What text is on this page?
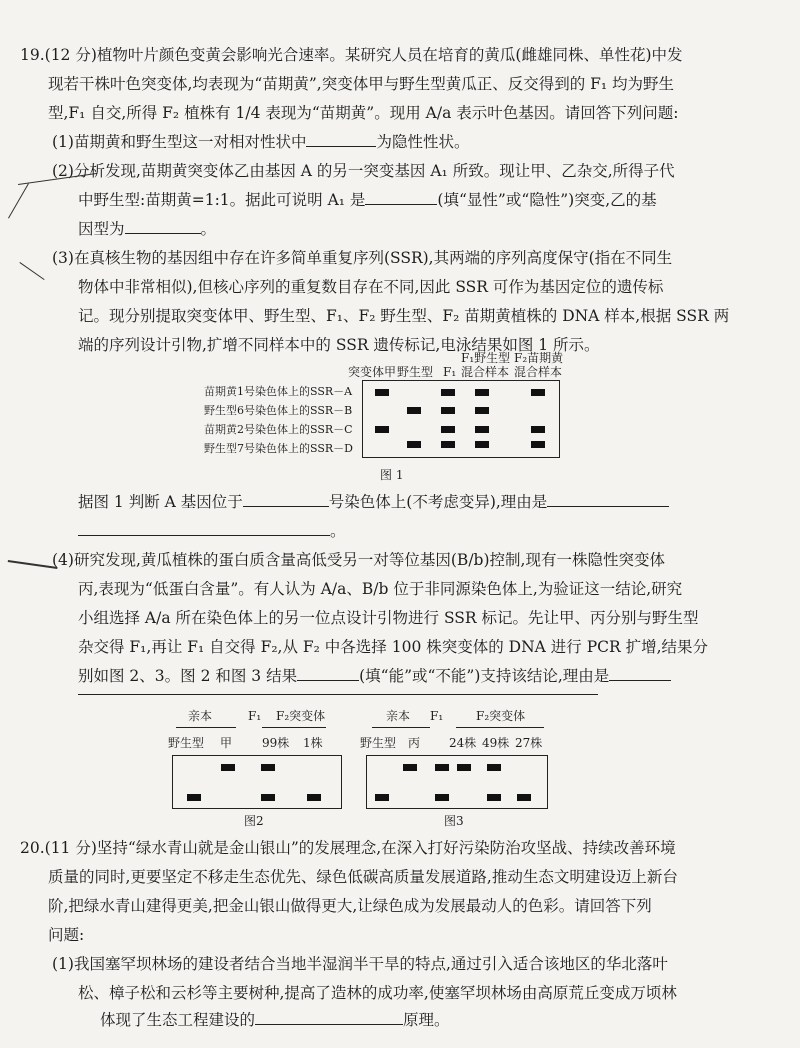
19.(12 分)植物叶片颜色变黄会影响光合速率。某研究人员在培育的黄瓜(雌雄同株、单性花)中发
现若干株叶色突变体,均表现为“苗期黄”,突变体甲与野生型黄瓜正、反交得到的 F₁ 均为野生
型,F₁ 自交,所得 F₂ 植株有 1/4 表现为“苗期黄”。现用 A/a 表示叶色基因。请回答下列问题:
(1)苗期黄和野生型这一对相对性状中	为隐性性状。
(2)分析发现,苗期黄突变体乙由基因 A 的另一突变基因 A₁ 所致。现让甲、乙杂交,所得子代
中野生型:苗期黄=1:1。据此可说明 A₁ 是	(填“显性”或“隐性”)突变,乙的基
因型为	。
(3)在真核生物的基因组中存在许多简单重复序列(SSR),其两端的序列高度保守(指在不同生
物体中非常相似),但核心序列的重复数目存在不同,因此 SSR 可作为基因定位的遗传标
记。现分别提取突变体甲、野生型、F₁、F₂ 野生型、F₂ 苗期黄植株的 DNA 样本,根据 SSR 两
端的序列设计引物,扩增不同样本中的 SSR 遗传标记,电泳结果如图 1 所示。
突变体甲 野生型 F₁
F₁野生型
混合样本
F₂苗期黄
混合样本
苗期黄1号染色体上的SSR－A
野生型6号染色体上的SSR－B
苗期黄2号染色体上的SSR－C
野生型7号染色体上的SSR－D
图 1
据图 1 判断 A 基因位于	号染色体上(不考虑变异),理由是
。
(4)研究发现,黄瓜植株的蛋白质含量高低受另一对等位基因(B/b)控制,现有一株隐性突变体
丙,表现为“低蛋白含量”。有人认为 A/a、B/b 位于非同源染色体上,为验证这一结论,研究
小组选择 A/a 所在染色体上的另一位点设计引物进行 SSR 标记。先让甲、丙分别与野生型
杂交得 F₁,再让 F₁ 自交得 F₂,从 F₂ 中各选择 100 株突变体的 DNA 进行 PCR 扩增,结果分
别如图 2、3。图 2 和图 3 结果	(填“能”或“不能”)支持该结论,理由是
亲本	F₁ F₂突变体
野生型 甲 99株 1株
图2
亲本 F₁	F₂突变体
野生型 丙 24株 49株 27株
图3
20.(11 分)坚持“绿水青山就是金山银山”的发展理念,在深入打好污染防治攻坚战、持续改善环境
质量的同时,更要坚定不移走生态优先、绿色低碳高质量发展道路,推动生态文明建设迈上新台
阶,把绿水青山建得更美,把金山银山做得更大,让绿色成为发展最动人的色彩。请回答下列
问题:
(1)我国塞罕坝林场的建设者结合当地半湿润半干旱的特点,通过引入适合该地区的华北落叶
松、樟子松和云杉等主要树种,提高了造林的成功率,使塞罕坝林场由高原荒丘变成万顷林
体现了生态工程建设的	原理。
